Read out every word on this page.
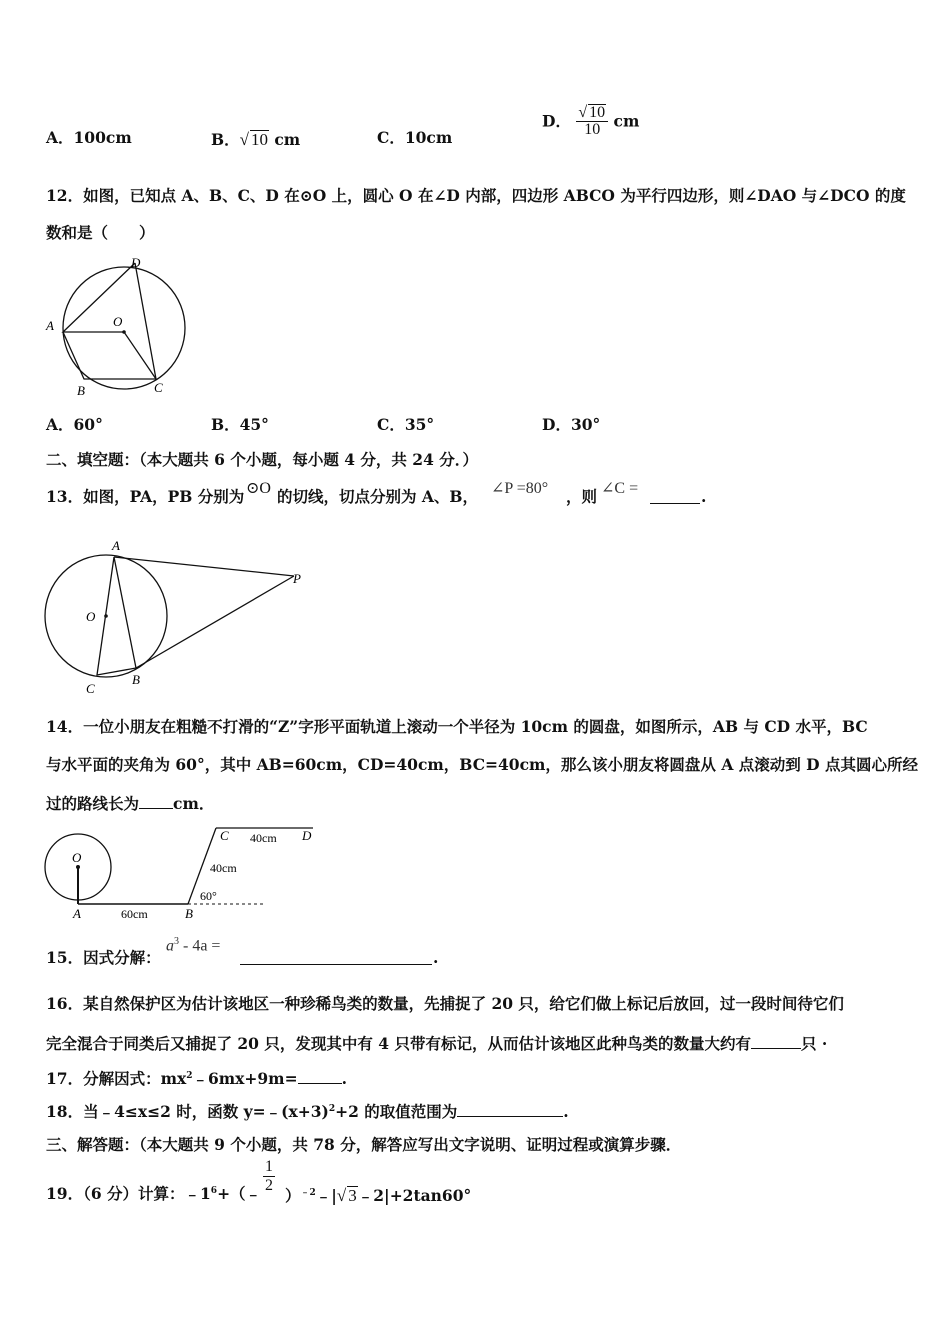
A．100cm	B．√ 10 cm	C．10cm
D． $\frac{√ 10}{10}$ cm
12．如图，已知点 A、B、C、D 在⊙O 上，圆心 O 在∠D 内部，四边形 ABCO 为平行四边形，则∠DAO 与∠DCO 的度
数和是（　　）
D
A	O
B	C
A．60°	B．45°	C．35°	D．30°
二、填空题：（本大题共 6 个小题，每小题 4 分，共 24 分．）
13．如图，PA，PB 分别为 ⊙O 的切线，切点分别为 A、B， ∠P =80° ，则 ∠C =	.
A
P
O
C
B
14．一位小朋友在粗糙不打滑的“Z”字形平面轨道上滚动一个半径为 10cm 的圆盘，如图所示，AB 与 CD 水平，BC
与水平面的夹角为 60°，其中 AB=60cm，CD=40cm，BC=40cm，那么该小朋友将圆盘从 A 点滚动到 D 点其圆心所经
过的路线长为 cm．
O
A	B
C	D
60cm
40cm
40cm
60°
15．因式分解：
$a^3 - 4a$ =
.
16．某自然保护区为估计该地区一种珍稀鸟类的数量，先捕捉了 20 只，给它们做上标记后放回，过一段时间待它们
完全混合于同类后又捕捉了 20 只，发现其中有 4 只带有标记，从而估计该地区此种鸟类的数量大约有	只 ·
17．分解因式：$mx^2﹣6mx+9m=$	.
18．当﹣4≤x≤2 时，函数 $y=﹣(x+3)^2+2$ 的取值范围为	.
三、解答题：（本大题共 9 个小题，共 78 分，解答应写出文字说明、证明过程或演算步骤．
19．（6 分）计算：$﹣1^6+(﹣ \frac{1}{2}$
）$^{﹣2}$﹣|√ 3﹣2|+2tan60°
